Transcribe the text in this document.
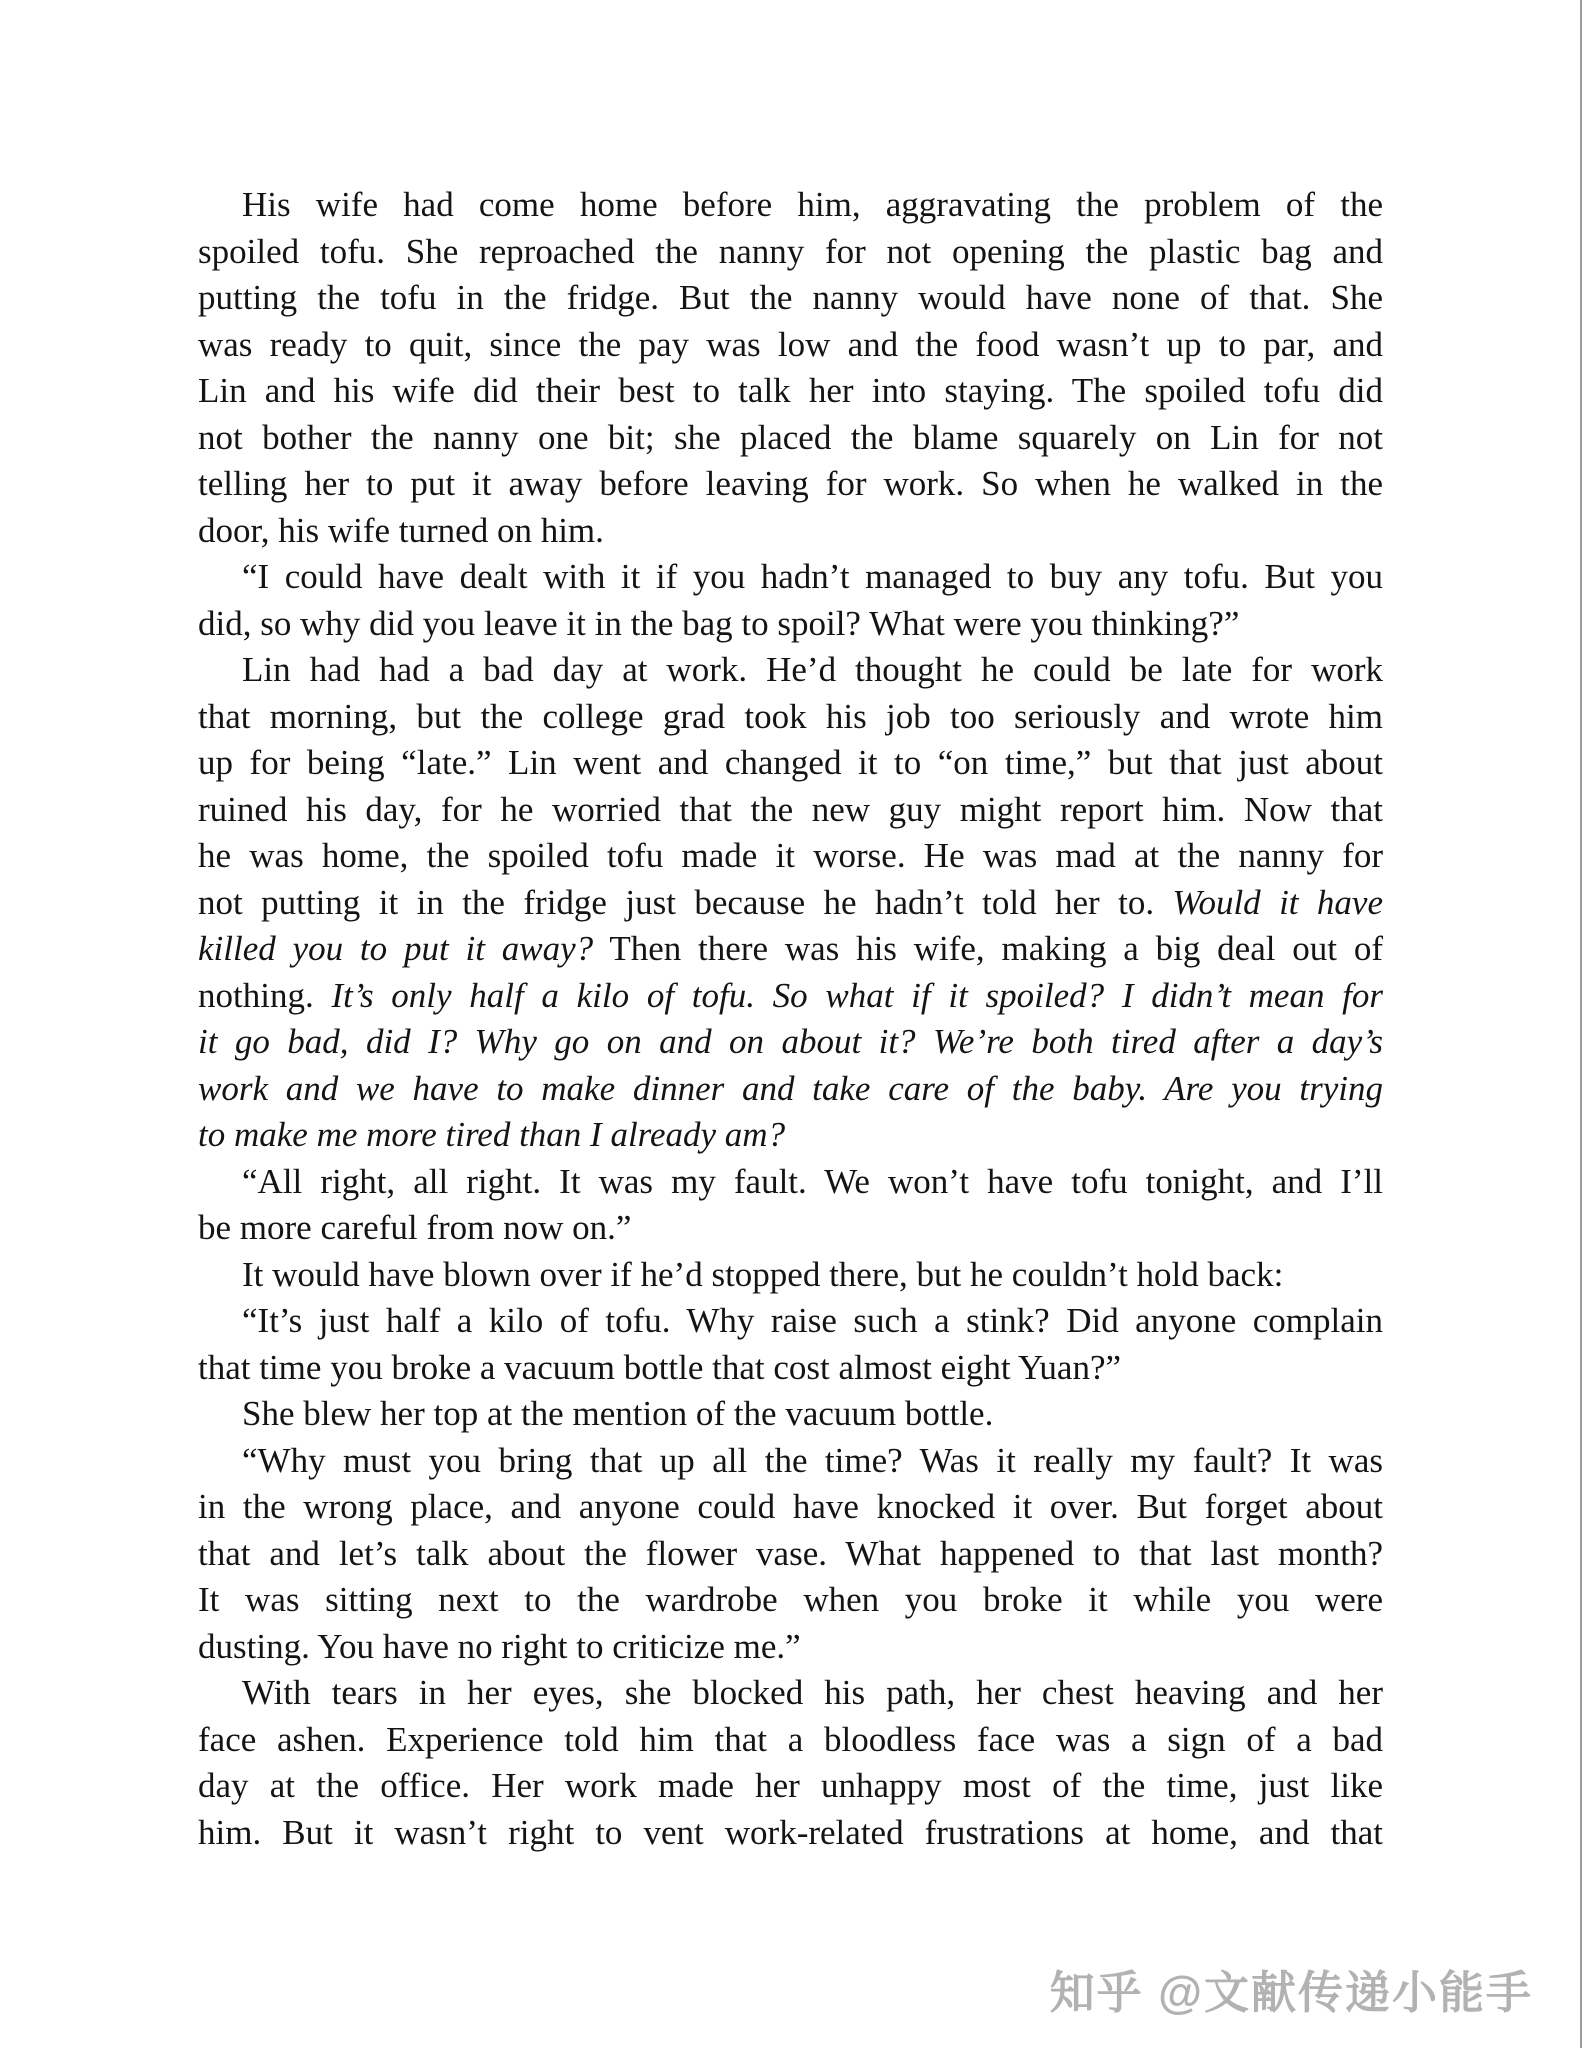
His wife had come home before him, aggravating the problem of the
spoiled tofu. She reproached the nanny for not opening the plastic bag and
putting the tofu in the fridge. But the nanny would have none of that. She
was ready to quit, since the pay was low and the food wasn’t up to par, and
Lin and his wife did their best to talk her into staying. The spoiled tofu did
not bother the nanny one bit; she placed the blame squarely on Lin for not
telling her to put it away before leaving for work. So when he walked in the
door, his wife turned on him.
“I could have dealt with it if you hadn’t managed to buy any tofu. But you
did, so why did you leave it in the bag to spoil? What were you thinking?”
Lin had had a bad day at work. He’d thought he could be late for work
that morning, but the college grad took his job too seriously and wrote him
up for being “late.” Lin went and changed it to “on time,” but that just about
ruined his day, for he worried that the new guy might report him. Now that
he was home, the spoiled tofu made it worse. He was mad at the nanny for
not putting it in the fridge just because he hadn’t told her to. Would it have
killed you to put it away? Then there was his wife, making a big deal out of
nothing. It’s only half a kilo of tofu. So what if it spoiled? I didn’t mean for
it go bad, did I? Why go on and on about it? We’re both tired after a day’s
work and we have to make dinner and take care of the baby. Are you trying
to make me more tired than I already am?
“All right, all right. It was my fault. We won’t have tofu tonight, and I’ll
be more careful from now on.”
It would have blown over if he’d stopped there, but he couldn’t hold back:
“It’s just half a kilo of tofu. Why raise such a stink? Did anyone complain
that time you broke a vacuum bottle that cost almost eight Yuan?”
She blew her top at the mention of the vacuum bottle.
“Why must you bring that up all the time? Was it really my fault? It was
in the wrong place, and anyone could have knocked it over. But forget about
that and let’s talk about the flower vase. What happened to that last month?
It was sitting next to the wardrobe when you broke it while you were
dusting. You have no right to criticize me.”
With tears in her eyes, she blocked his path, her chest heaving and her
face ashen. Experience told him that a bloodless face was a sign of a bad
day at the office. Her work made her unhappy most of the time, just like
him. But it wasn’t right to vent work-related frustrations at home, and that
知乎 @文献传递小能手
